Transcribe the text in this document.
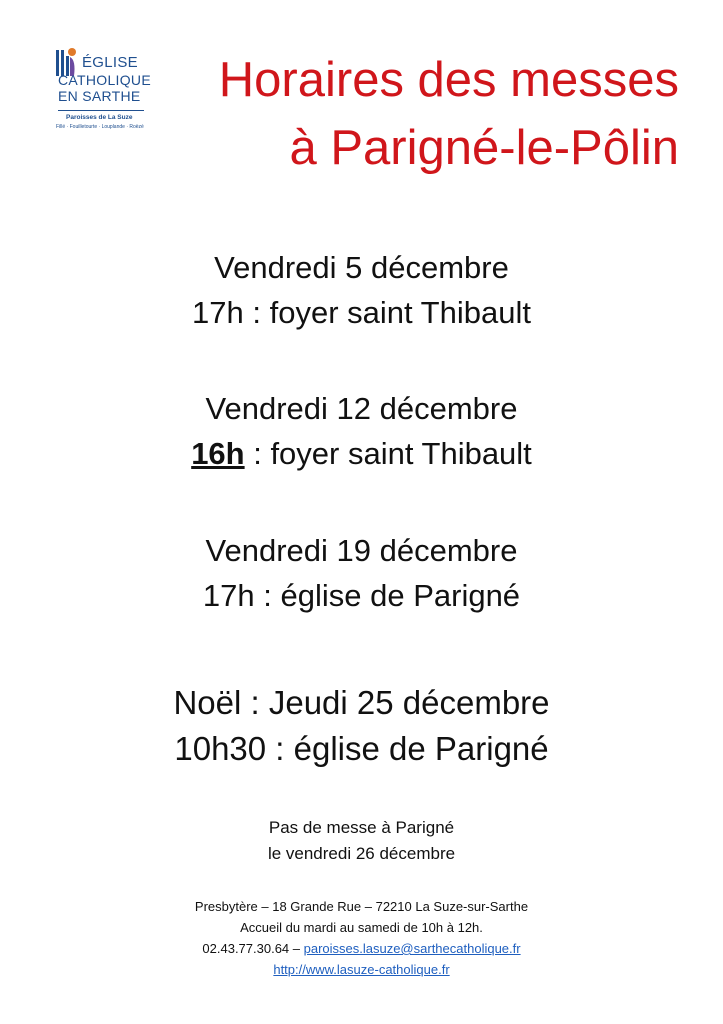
ÉGLISE
CATHOLIQUE
EN SARTHE
Paroisses de La Suze
Fillé · Fouilletourte · Louplande · Roëzé
Horaires des messes
à Parigné-le-Pôlin
Vendredi 5 décembre
17h : foyer saint Thibault
Vendredi 12 décembre
16h : foyer saint Thibault
Vendredi 19 décembre
17h : église de Parigné
Noël : Jeudi 25 décembre
10h30 : église de Parigné
Pas de messe à Parigné
le vendredi 26 décembre
Presbytère – 18 Grande Rue – 72210 La Suze-sur-Sarthe
Accueil du mardi au samedi de 10h à 12h.
02.43.77.30.64 – paroisses.lasuze@sarthecatholique.fr
http://www.lasuze-catholique.fr
